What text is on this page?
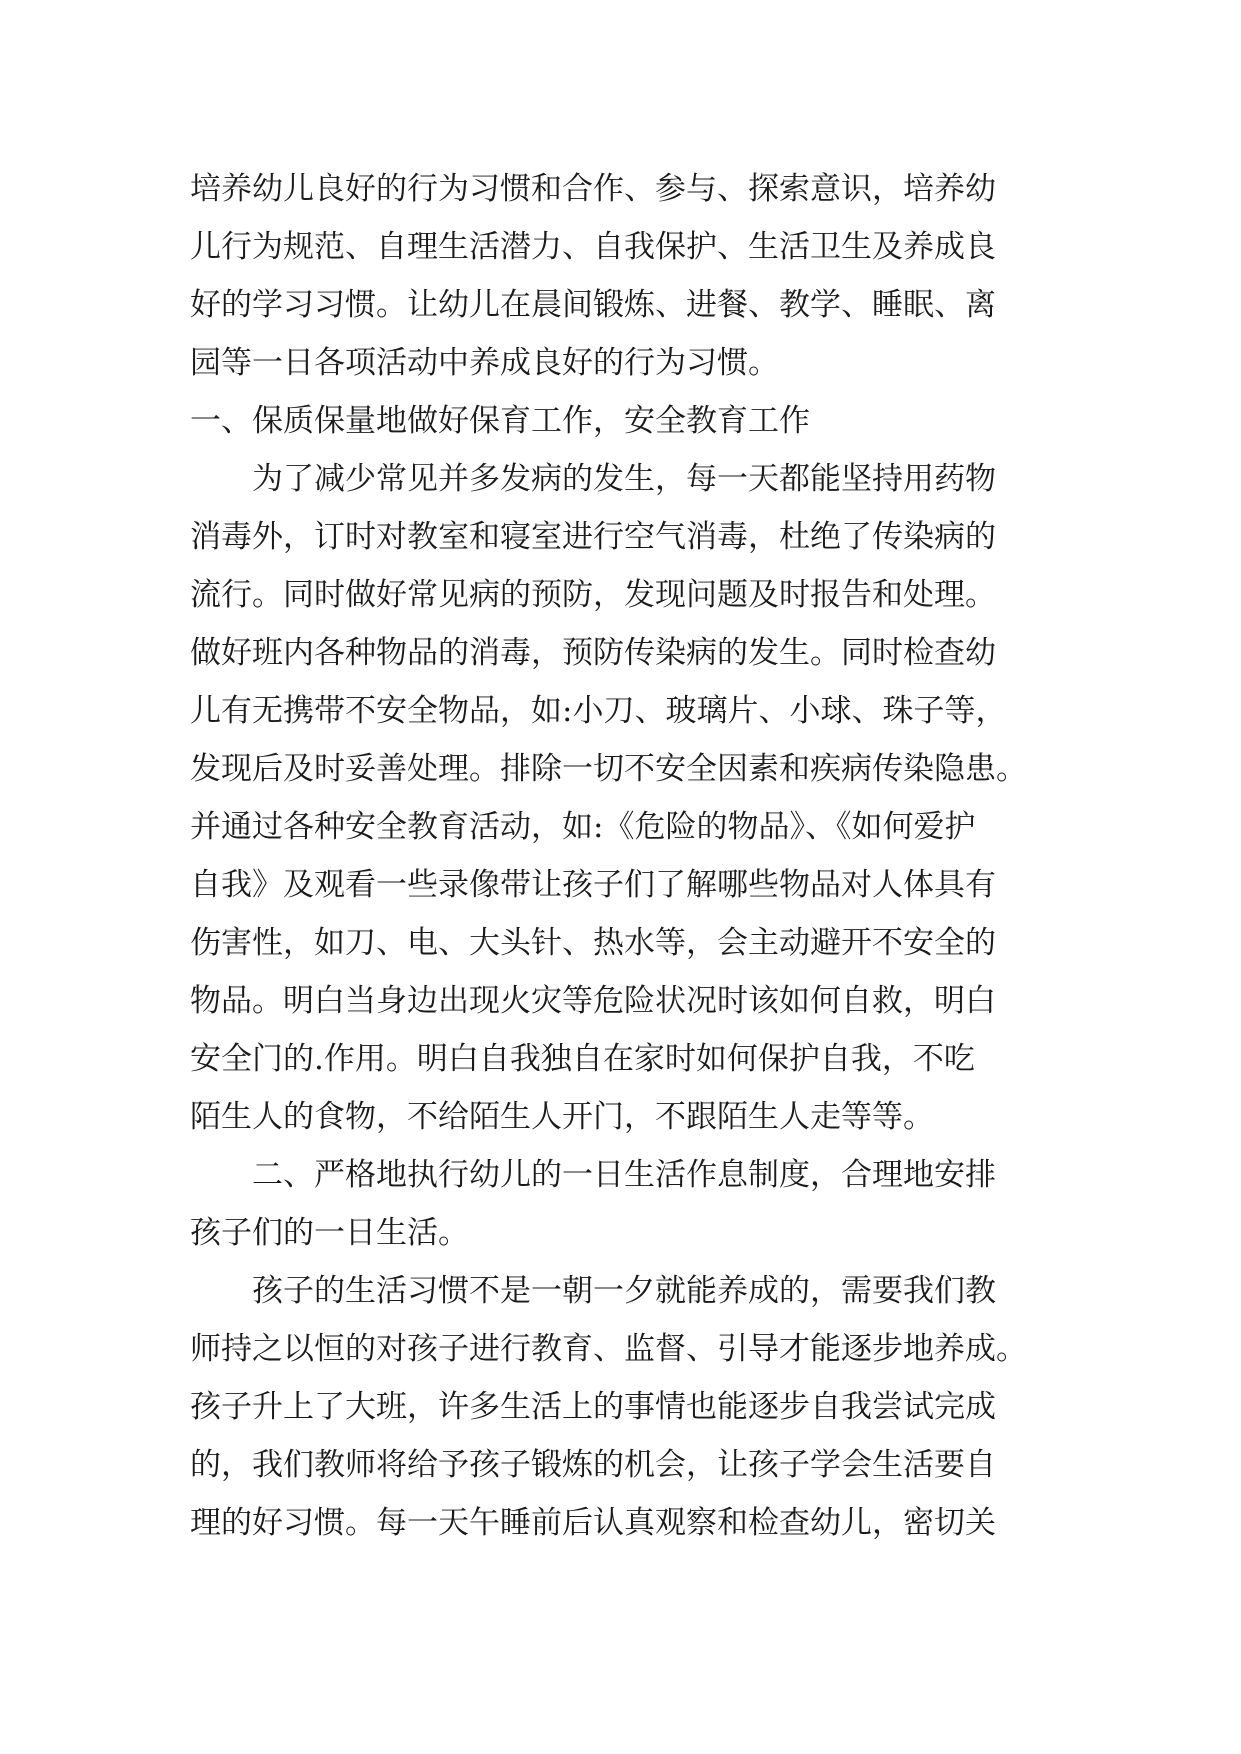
培养幼儿良好的行为习惯和合作、参与、探索意识，培养幼
儿行为规范、自理生活潜力、自我保护、生活卫生及养成良
好的学习习惯。让幼儿在晨间锻炼、进餐、教学、睡眠、离
园等一日各项活动中养成良好的行为习惯。
一、保质保量地做好保育工作，安全教育工作
　　为了减少常见并多发病的发生，每一天都能坚持用药物
消毒外，订时对教室和寝室进行空气消毒，杜绝了传染病的
流行。同时做好常见病的预防，发现问题及时报告和处理。
做好班内各种物品的消毒，预防传染病的发生。同时检查幼
儿有无携带不安全物品，如:小刀、玻璃片、小球、珠子等，
发现后及时妥善处理。排除一切不安全因素和疾病传染隐患。
并通过各种安全教育活动，如:《危险的物品》、《如何爱护
自我》及观看一些录像带让孩子们了解哪些物品对人体具有
伤害性，如刀、电、大头针、热水等，会主动避开不安全的
物品。明白当身边出现火灾等危险状况时该如何自救，明白
安全门的.作用。明白自我独自在家时如何保护自我，不吃
陌生人的食物，不给陌生人开门，不跟陌生人走等等。
　　二、严格地执行幼儿的一日生活作息制度，合理地安排
孩子们的一日生活。
　　孩子的生活习惯不是一朝一夕就能养成的，需要我们教
师持之以恒的对孩子进行教育、监督、引导才能逐步地养成。
孩子升上了大班，许多生活上的事情也能逐步自我尝试完成
的，我们教师将给予孩子锻炼的机会，让孩子学会生活要自
理的好习惯。每一天午睡前后认真观察和检查幼儿，密切关
